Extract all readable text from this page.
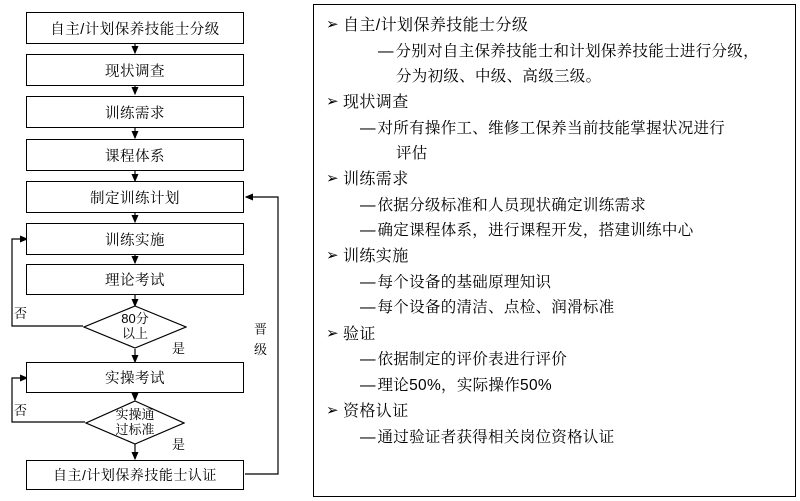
自主/计划保养技能士分级
现状调查
训练需求
课程体系
制定训练计划
训练实施
理论考试
80分
以上
实操考试
实操通
过标准
自主/计划保养技能士认证
否
是
否
是
晋 级
➢ 自主/计划保养技能士分级
— 分别对自主保养技能士和计划保养技能士进行分级，
分为初级、中级、高级三级。
➢ 现状调查
— 对所有操作工、维修工保养当前技能掌握状况进行
评估
➢ 训练需求
— 依据分级标准和人员现状确定训练需求
— 确定课程体系，进行课程开发，搭建训练中心
➢ 训练实施
— 每个设备的基础原理知识
— 每个设备的清洁、点检、润滑标准
➢ 验证
— 依据制定的评价表进行评价
— 理论50%，实际操作50%
➢ 资格认证
— 通过验证者获得相关岗位资格认证
